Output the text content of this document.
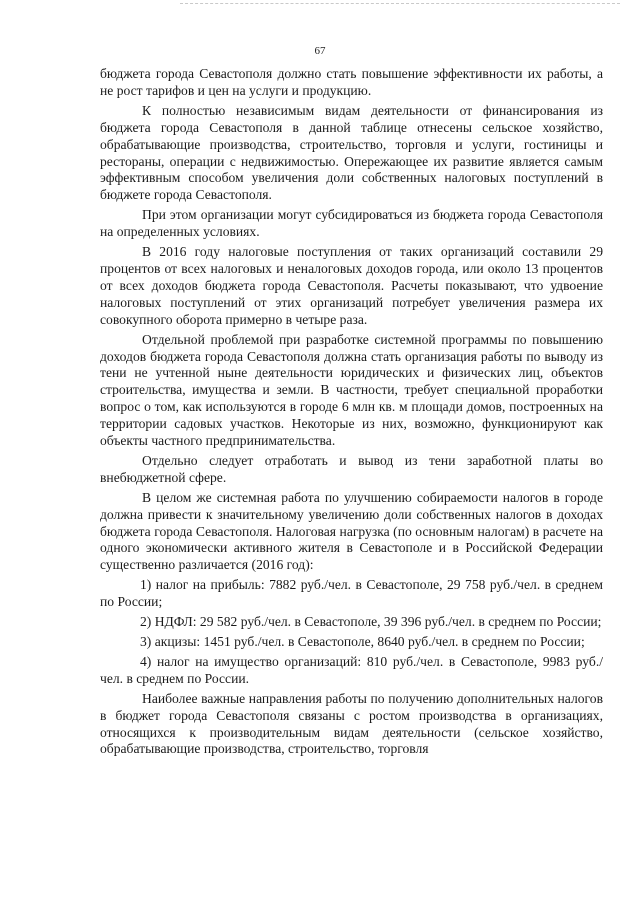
67

бюджета города Севастополя должно стать повышение эффективности их работы, а не рост тарифов и цен на услуги и продукцию.

К полностью независимым видам деятельности от финансирования из бюджета города Севастополя в данной таблице отнесены сельское хозяйство, обрабатывающие производства, строительство, торговля и услуги, гостиницы и рестораны, операции с недвижимостью. Опережающее их развитие является самым эффективным способом увеличения доли собственных налоговых поступлений в бюджете города Севастополя.

При этом организации могут субсидироваться из бюджета города Севастополя на определенных условиях.

В 2016 году налоговые поступления от таких организаций составили 29 процентов от всех налоговых и неналоговых доходов города, или около 13 процентов от всех доходов бюджета города Севастополя. Расчеты показывают, что удвоение налоговых поступлений от этих организаций потребует увеличения размера их совокупного оборота примерно в четыре раза.

Отдельной проблемой при разработке системной программы по повышению доходов бюджета города Севастополя должна стать организация работы по выводу из тени не учтенной ныне деятельности юридических и физических лиц, объектов строительства, имущества и земли. В частности, требует специальной проработки вопрос о том, как используются в городе 6 млн кв. м площади домов, построенных на территории садовых участков. Некоторые из них, возможно, функционируют как объекты частного предпринимательства.

Отдельно следует отработать и вывод из тени заработной платы во внебюджетной сфере.

В целом же системная работа по улучшению собираемости налогов в городе должна привести к значительному увеличению доли собственных налогов в доходах бюджета города Севастополя. Налоговая нагрузка (по основным налогам) в расчете на одного экономически активного жителя в Севастополе и в Российской Федерации существенно различается (2016 год):

1) налог на прибыль: 7882 руб./чел. в Севастополе, 29 758 руб./чел. в среднем по России;

2) НДФЛ: 29 582 руб./чел. в Севастополе, 39 396 руб./чел. в среднем по России;

3) акцизы: 1451 руб./чел. в Севастополе, 8640 руб./чел. в среднем по России;

4) налог на имущество организаций: 810 руб./чел. в Севастополе, 9983 руб./чел. в среднем по России.

Наиболее важные направления работы по получению дополнительных налогов в бюджет города Севастополя связаны с ростом производства в организациях, относящихся к производительным видам деятельности (сельское хозяйство, обрабатывающие производства, строительство, торговля
